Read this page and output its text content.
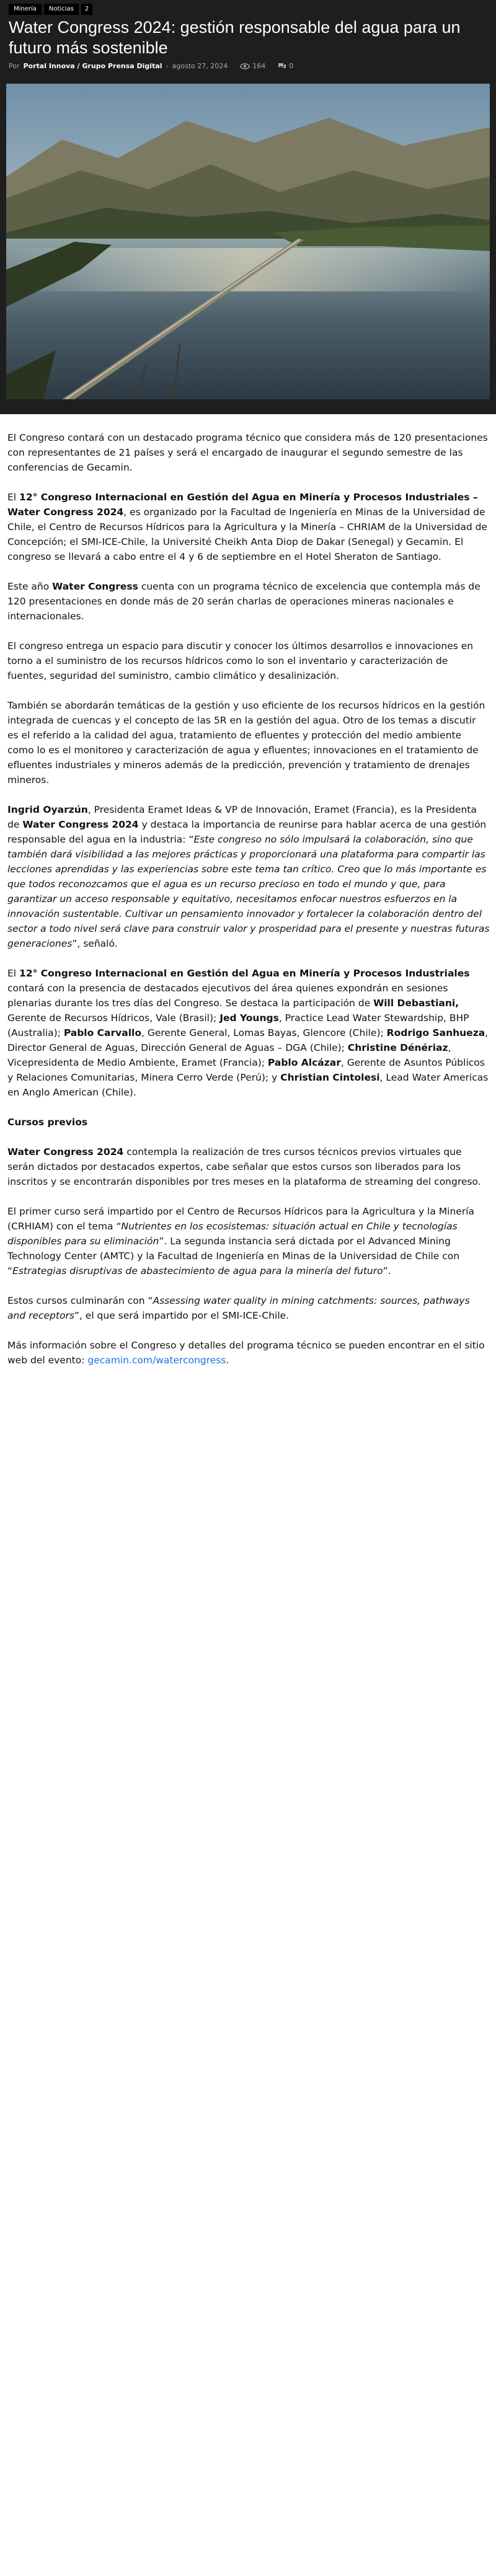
Minería	Noticias	2
Water Congress 2024: gestión responsable del agua para un futuro más sostenible
Por Portal Innova / Grupo Prensa Digital - agosto 27, 2024	164	0

El Congreso contará con un destacado programa técnico que considera más de 120 presentaciones con representantes de 21 países y será el encargado de inaugurar el segundo semestre de las conferencias de Gecamin.

El 12° Congreso Internacional en Gestión del Agua en Minería y Procesos Industriales – Water Congress 2024, es organizado por la Facultad de Ingeniería en Minas de la Universidad de Chile, el Centro de Recursos Hídricos para la Agricultura y la Minería – CHRIAM de la Universidad de Concepción; el SMI-ICE-Chile, la Université Cheikh Anta Diop de Dakar (Senegal) y Gecamin. El congreso se llevará a cabo entre el 4 y 6 de septiembre en el Hotel Sheraton de Santiago.

Este año Water Congress cuenta con un programa técnico de excelencia que contempla más de 120 presentaciones en donde más de 20 serán charlas de operaciones mineras nacionales e internacionales.

El congreso entrega un espacio para discutir y conocer los últimos desarrollos e innovaciones en torno a el suministro de los recursos hídricos como lo son el inventario y caracterización de fuentes, seguridad del suministro, cambio climático y desalinización.

También se abordarán temáticas de la gestión y uso eficiente de los recursos hídricos en la gestión integrada de cuencas y el concepto de las 5R en la gestión del agua. Otro de los temas a discutir es el referido a la calidad del agua, tratamiento de efluentes y protección del medio ambiente como lo es el monitoreo y caracterización de agua y efluentes; innovaciones en el tratamiento de efluentes industriales y mineros además de la predicción, prevención y tratamiento de drenajes mineros.

Ingrid Oyarzún, Presidenta Eramet Ideas & VP de Innovación, Eramet (Francia), es la Presidenta de Water Congress 2024 y destaca la importancia de reunirse para hablar acerca de una gestión responsable del agua en la industria: “Este congreso no sólo impulsará la colaboración, sino que también dará visibilidad a las mejores prácticas y proporcionará una plataforma para compartir las lecciones aprendidas y las experiencias sobre este tema tan crítico. Creo que lo más importante es que todos reconozcamos que el agua es un recurso precioso en todo el mundo y que, para garantizar un acceso responsable y equitativo, necesitamos enfocar nuestros esfuerzos en la innovación sustentable. Cultivar un pensamiento innovador y fortalecer la colaboración dentro del sector a todo nivel será clave para construir valor y prosperidad para el presente y nuestras futuras generaciones”, señaló.

El 12° Congreso Internacional en Gestión del Agua en Minería y Procesos Industriales contará con la presencia de destacados ejecutivos del área quienes expondrán en sesiones plenarias durante los tres días del Congreso. Se destaca la participación de Will Debastiani, Gerente de Recursos Hídricos, Vale (Brasil); Jed Youngs, Practice Lead Water Stewardship, BHP (Australia); Pablo Carvallo, Gerente General, Lomas Bayas, Glencore (Chile); Rodrigo Sanhueza, Director General de Aguas, Dirección General de Aguas – DGA (Chile); Christine Dénériaz, Vicepresidenta de Medio Ambiente, Eramet (Francia); Pablo Alcázar, Gerente de Asuntos Públicos y Relaciones Comunitarias, Minera Cerro Verde (Perú); y Christian Cintolesi, Lead Water Americas en Anglo American (Chile).

Cursos previos

Water Congress 2024 contempla la realización de tres cursos técnicos previos virtuales que serán dictados por destacados expertos, cabe señalar que estos cursos son liberados para los inscritos y se encontrarán disponibles por tres meses en la plataforma de streaming del congreso.

El primer curso será impartido por el Centro de Recursos Hídricos para la Agricultura y la Minería (CRHIAM) con el tema “Nutrientes en los ecosistemas: situación actual en Chile y tecnologías disponibles para su eliminación”. La segunda instancia será dictada por el Advanced Mining Technology Center (AMTC) y la Facultad de Ingeniería en Minas de la Universidad de Chile con “Estrategias disruptivas de abastecimiento de agua para la minería del futuro”.

Estos cursos culminarán con “Assessing water quality in mining catchments: sources, pathways and receptors”, el que será impartido por el SMI-ICE-Chile.

Más información sobre el Congreso y detalles del programa técnico se pueden encontrar en el sitio web del evento: gecamin.com/watercongress.
